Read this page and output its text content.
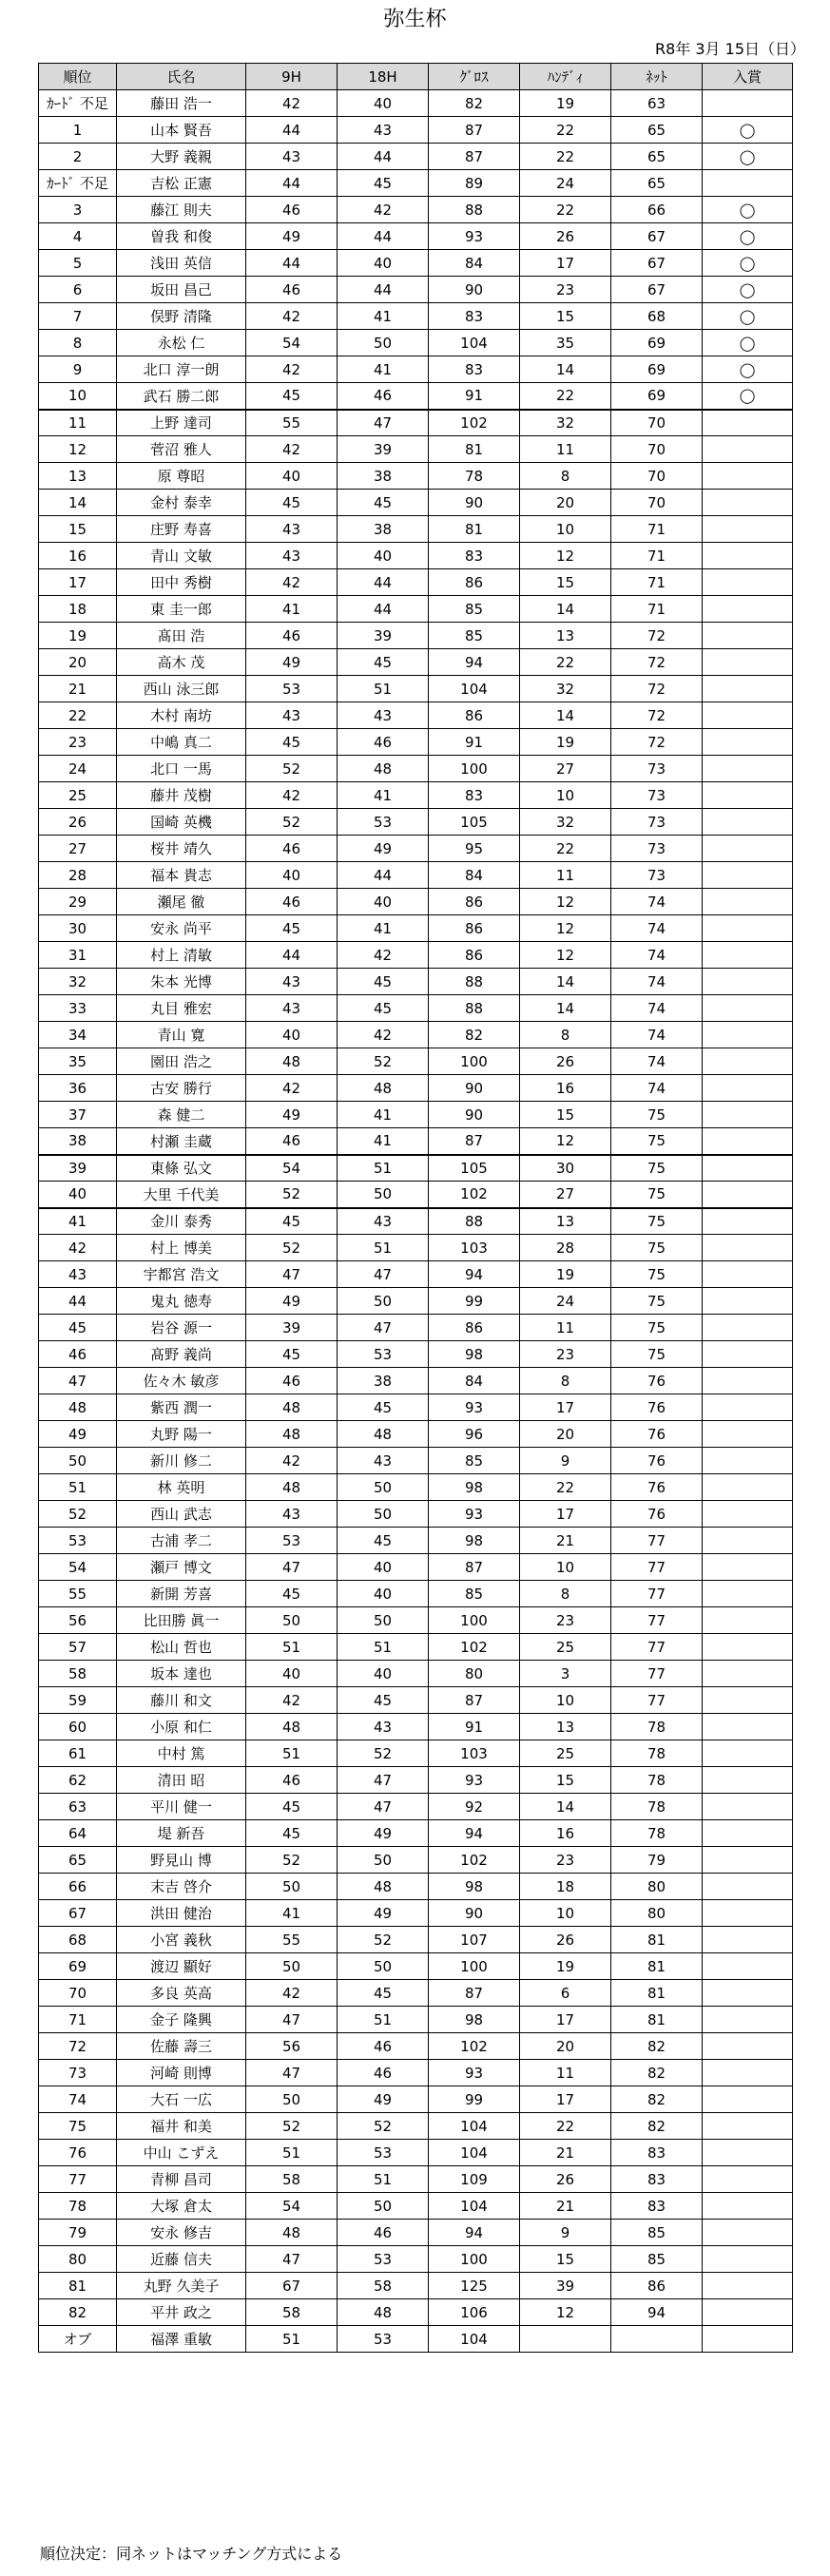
弥生杯
R8年 3月 15日（日）
順位	氏名	9H	18H	ｸﾞﾛｽ	ﾊﾝﾃﾞｨ	ﾈｯﾄ	入賞
ｶｰﾄﾞ 不足	藤田 浩一	42	40	82	19	63	
1	山本 賢吾	44	43	87	22	65	◯
2	大野 義親	43	44	87	22	65	◯
ｶｰﾄﾞ 不足	吉松 正憲	44	45	89	24	65	
3	藤江 則夫	46	42	88	22	66	◯
4	曽我 和俊	49	44	93	26	67	◯
5	浅田 英信	44	40	84	17	67	◯
6	坂田 昌己	46	44	90	23	67	◯
7	俣野 清隆	42	41	83	15	68	◯
8	永松 仁	54	50	104	35	69	◯
9	北口 淳一朗	42	41	83	14	69	◯
10	武石 勝二郎	45	46	91	22	69	◯
11	上野 達司	55	47	102	32	70	
12	菅沼 雅人	42	39	81	11	70	
13	原 尊昭	40	38	78	8	70	
14	金村 泰幸	45	45	90	20	70	
15	庄野 寿喜	43	38	81	10	71	
16	青山 文敏	43	40	83	12	71	
17	田中 秀樹	42	44	86	15	71	
18	東 圭一郎	41	44	85	14	71	
19	髙田 浩	46	39	85	13	72	
20	高木 茂	49	45	94	22	72	
21	西山 泳三郎	53	51	104	32	72	
22	木村 南坊	43	43	86	14	72	
23	中嶋 真二	45	46	91	19	72	
24	北口 一馬	52	48	100	27	73	
25	藤井 茂樹	42	41	83	10	73	
26	国崎 英機	52	53	105	32	73	
27	桜井 靖久	46	49	95	22	73	
28	福本 貴志	40	44	84	11	73	
29	瀬尾 徹	46	40	86	12	74	
30	安永 尚平	45	41	86	12	74	
31	村上 清敏	44	42	86	12	74	
32	朱本 光博	43	45	88	14	74	
33	丸目 雅宏	43	45	88	14	74	
34	青山 寛	40	42	82	8	74	
35	園田 浩之	48	52	100	26	74	
36	古安 勝行	42	48	90	16	74	
37	森 健二	49	41	90	15	75	
38	村瀬 圭蔵	46	41	87	12	75	
39	東條 弘文	54	51	105	30	75	
40	大里 千代美	52	50	102	27	75	
41	金川 泰秀	45	43	88	13	75	
42	村上 博美	52	51	103	28	75	
43	宇都宮 浩文	47	47	94	19	75	
44	鬼丸 徳寿	49	50	99	24	75	
45	岩谷 源一	39	47	86	11	75	
46	髙野 義尚	45	53	98	23	75	
47	佐々木 敏彦	46	38	84	8	76	
48	紫西 潤一	48	45	93	17	76	
49	丸野 陽一	48	48	96	20	76	
50	新川 修二	42	43	85	9	76	
51	林 英明	48	50	98	22	76	
52	西山 武志	43	50	93	17	76	
53	古浦 孝二	53	45	98	21	77	
54	瀬戸 博文	47	40	87	10	77	
55	新開 芳喜	45	40	85	8	77	
56	比田勝 眞一	50	50	100	23	77	
57	松山 哲也	51	51	102	25	77	
58	坂本 達也	40	40	80	3	77	
59	藤川 和文	42	45	87	10	77	
60	小原 和仁	48	43	91	13	78	
61	中村 篤	51	52	103	25	78	
62	清田 昭	46	47	93	15	78	
63	平川 健一	45	47	92	14	78	
64	堤 新吾	45	49	94	16	78	
65	野見山 博	52	50	102	23	79	
66	末吉 啓介	50	48	98	18	80	
67	洪田 健治	41	49	90	10	80	
68	小宮 義秋	55	52	107	26	81	
69	渡辺 顯好	50	50	100	19	81	
70	多良 英高	42	45	87	6	81	
71	金子 隆興	47	51	98	17	81	
72	佐藤 壽三	56	46	102	20	82	
73	河崎 則博	47	46	93	11	82	
74	大石 一広	50	49	99	17	82	
75	福井 和美	52	52	104	22	82	
76	中山 こずえ	51	53	104	21	83	
77	青柳 昌司	58	51	109	26	83	
78	大塚 倉太	54	50	104	21	83	
79	安永 修吉	48	46	94	9	85	
80	近藤 信夫	47	53	100	15	85	
81	丸野 久美子	67	58	125	39	86	
82	平井 政之	58	48	106	12	94	
オブ	福澤 重敏	51	53	104			
順位決定：同ネットはマッチング方式による
